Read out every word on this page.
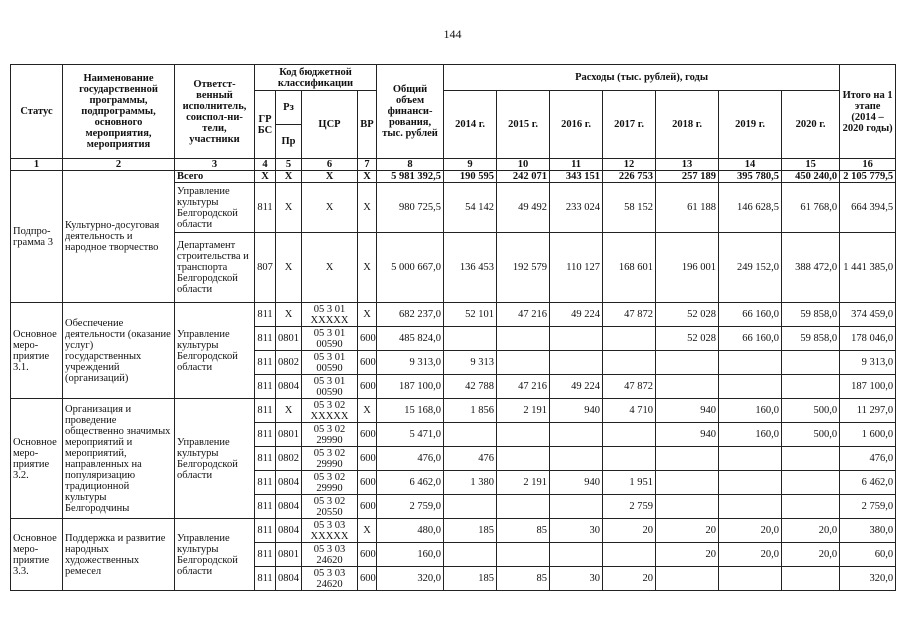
144
Статус	Наименование государственной программы, подпрограммы, основного мероприятия, мероприятия	Ответст-венный исполнитель, соиспол-ни-тели, участники	Код бюджетной классификации				Общий объем финанси-рования, тыс. рублей	Расходы (тыс. рублей), годы							Итого на 1 этапе (2014 – 2020 годы)
			ГР БС	Рз	ЦСР	ВР		2014 г.	2015 г.	2016 г.	2017 г.	2018 г.	2019 г.	2020 г.	
				Пр											
1	2	3	4	5	6	7	8	9	10	11	12	13	14	15	16
Подпро-грамма 3	Культурно-досуговая деятельность и народное творчество	Всего	Х	Х	Х	Х	5 981 392,5	190 595	242 071	343 151	226 753	257 189	395 780,5	450 240,0	2 105 779,5
		Управление культуры Белгородской области	811	Х	Х	Х	980 725,5	54 142	49 492	233 024	58 152	61 188	146 628,5	61 768,0	664 394,5
		Департамент строительства и транспорта Белгородской области	807	Х	Х	Х	5 000 667,0	136 453	192 579	110 127	168 601	196 001	249 152,0	388 472,0	1 441 385,0
Основное меро-приятие 3.1.	Обеспечение деятельности (оказание услуг) государственных учреждений (организаций)	Управление культуры Белгородской области	811	Х	05 3 01 ХХХХХ	Х	682 237,0	52 101	47 216	49 224	47 872	52 028	66 160,0	59 858,0	374 459,0
			811	0801	05 3 01 00590	600	485 824,0					52 028	66 160,0	59 858,0	178 046,0
			811	0802	05 3 01 00590	600	9 313,0	9 313							9 313,0
			811	0804	05 3 01 00590	600	187 100,0	42 788	47 216	49 224	47 872				187 100,0
Основное меро-приятие 3.2.	Организация и проведение общественно значимых мероприятий и мероприятий, направленных на популяризацию традиционной культуры Белгородчины	Управление культуры Белгородской области	811	Х	05 3 02 ХХХХХ	Х	15 168,0	1 856	2 191	940	4 710	940	160,0	500,0	11 297,0
			811	0801	05 3 02 29990	600	5 471,0					940	160,0	500,0	1 600,0
			811	0802	05 3 02 29990	600	476,0	476							476,0
			811	0804	05 3 02 29990	600	6 462,0	1 380	2 191	940	1 951				6 462,0
			811	0804	05 3 02 20550	600	2 759,0				2 759				2 759,0
Основное меро-приятие 3.3.	Поддержка и развитие народных художественных ремесел	Управление культуры Белгородской области	811	0804	05 3 03 ХХХХХ	Х	480,0	185	85	30	20	20	20,0	20,0	380,0
			811	0801	05 3 03 24620	600	160,0					20	20,0	20,0	60,0
			811	0804	05 3 03 24620	600	320,0	185	85	30	20				320,0
